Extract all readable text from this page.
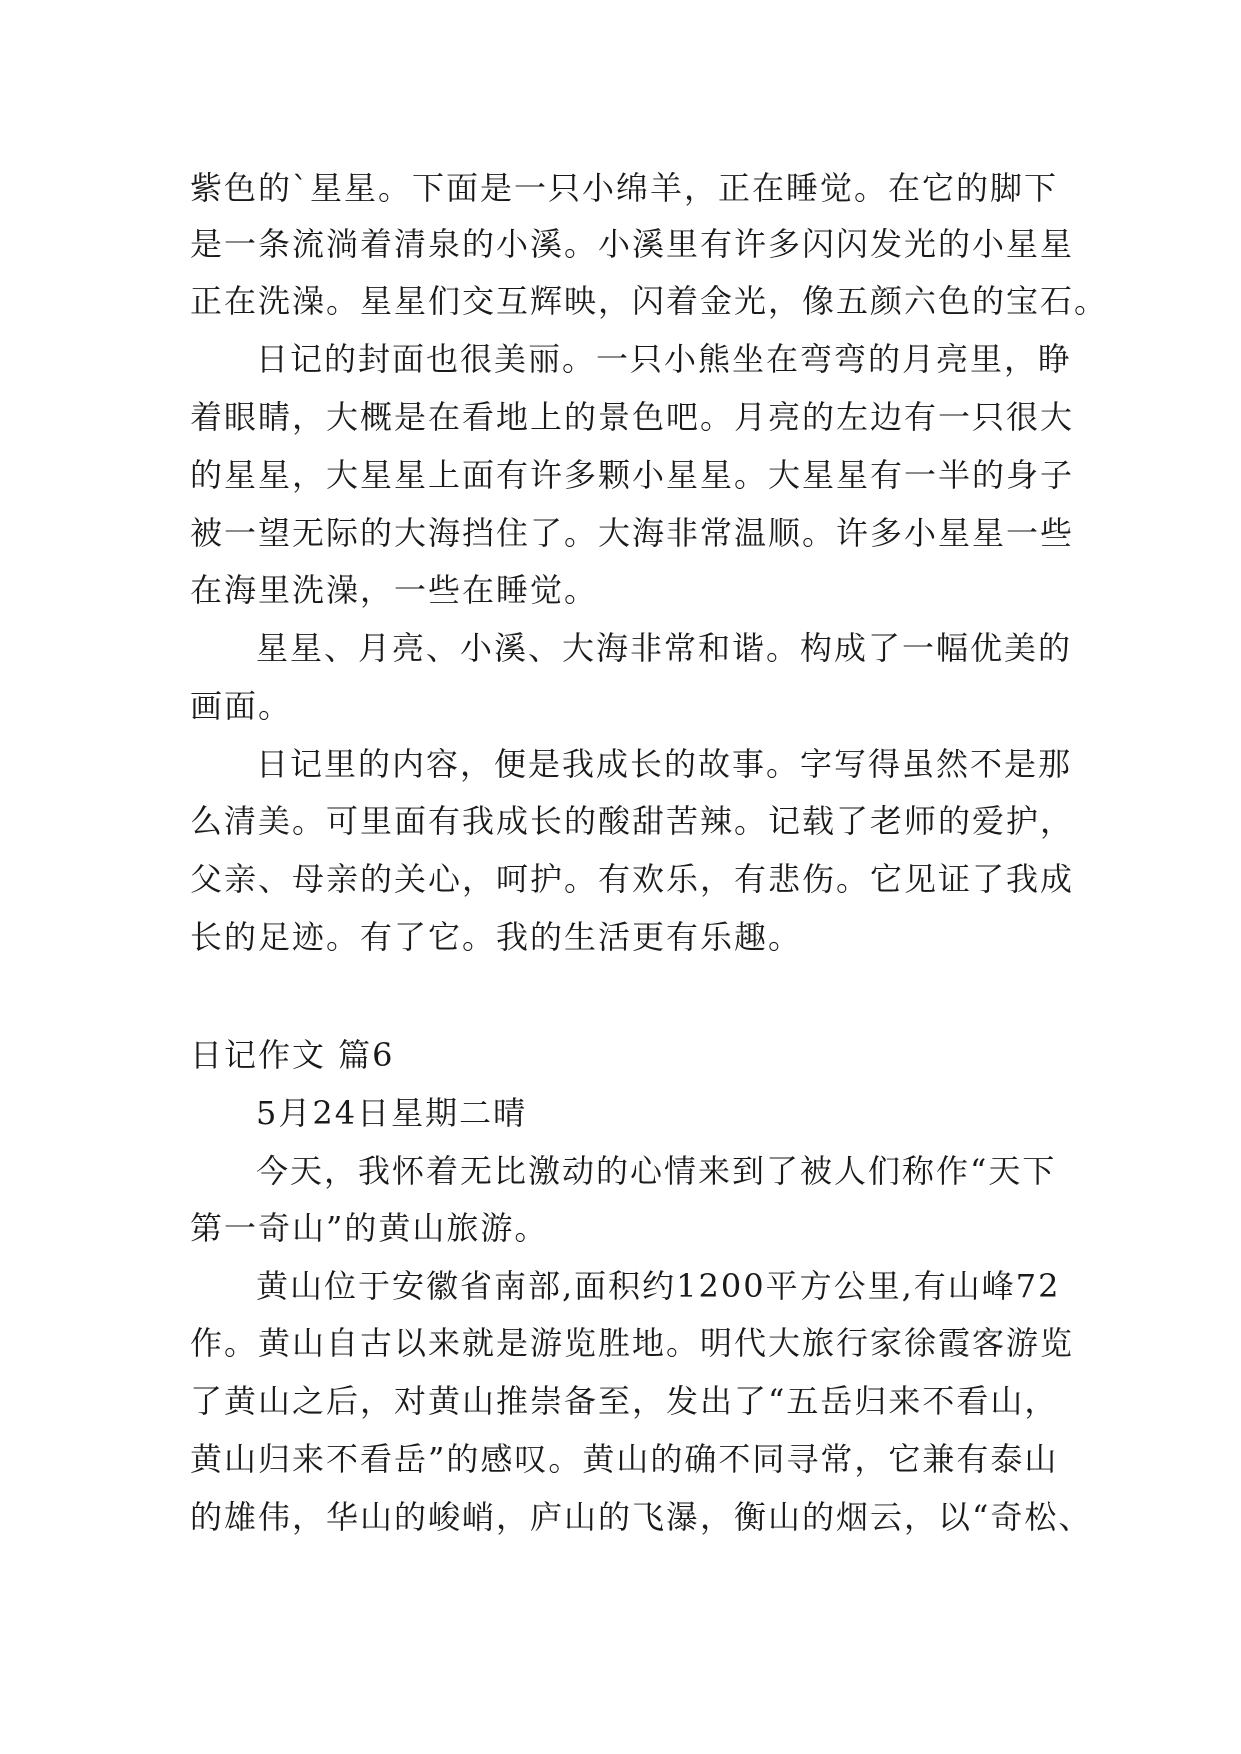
紫色的`星星。下面是一只小绵羊，正在睡觉。在它的脚下
是一条流淌着清泉的小溪。小溪里有许多闪闪发光的小星星
正在洗澡。星星们交互辉映，闪着金光，像五颜六色的宝石。
日记的封面也很美丽。一只小熊坐在弯弯的月亮里，睁
着眼睛，大概是在看地上的景色吧。月亮的左边有一只很大
的星星，大星星上面有许多颗小星星。大星星有一半的身子
被一望无际的大海挡住了。大海非常温顺。许多小星星一些
在海里洗澡，一些在睡觉。
星星、月亮、小溪、大海非常和谐。构成了一幅优美的
画面。
日记里的内容，便是我成长的故事。字写得虽然不是那
么清美。可里面有我成长的酸甜苦辣。记载了老师的爱护，
父亲、母亲的关心，呵护。有欢乐，有悲伤。它见证了我成
长的足迹。有了它。我的生活更有乐趣。
日记作文 篇6
5月24日星期二晴
今天，我怀着无比激动的心情来到了被人们称作“天下
第一奇山”的黄山旅游。
黄山位于安徽省南部,面积约1200平方公里,有山峰72
作。黄山自古以来就是游览胜地。明代大旅行家徐霞客游览
了黄山之后，对黄山推崇备至，发出了“五岳归来不看山，
黄山归来不看岳”的感叹。黄山的确不同寻常，它兼有泰山
的雄伟，华山的峻峭，庐山的飞瀑，衡山的烟云，以“奇松、
